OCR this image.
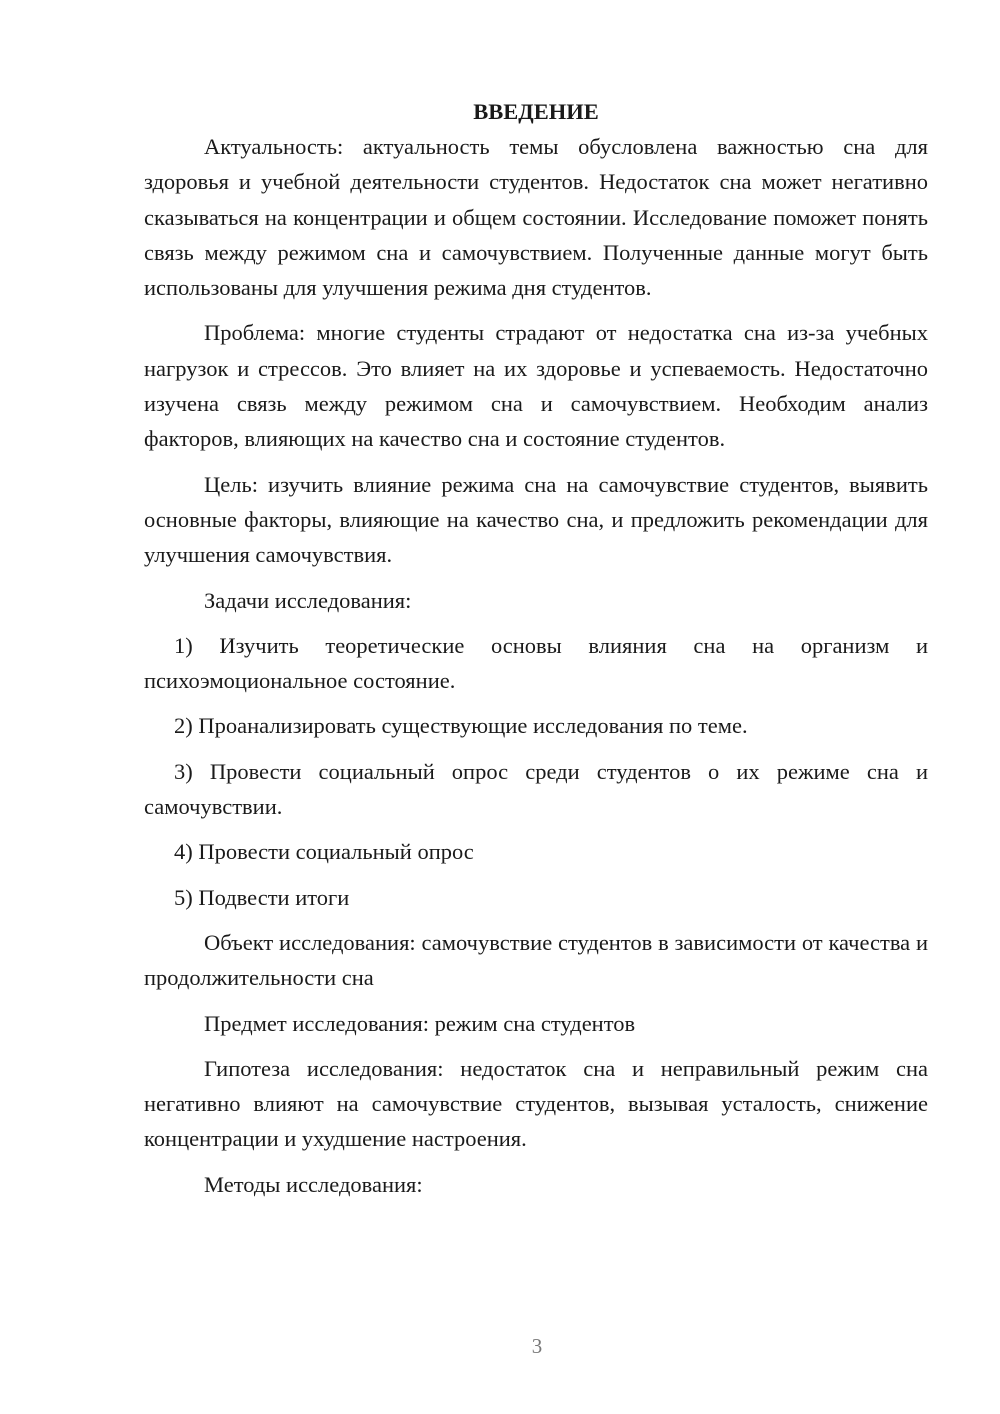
ВВЕДЕНИЕ

Актуальность: актуальность темы обусловлена важностью сна для здоровья и учебной деятельности студентов. Недостаток сна может негативно сказываться на концентрации и общем состоянии. Исследование поможет понять связь между режимом сна и самочувствием. Полученные данные могут быть использованы для улучшения режима дня студентов.

Проблема: многие студенты страдают от недостатка сна из-за учебных нагрузок и стрессов. Это влияет на их здоровье и успеваемость. Недостаточно изучена связь между режимом сна и самочувствием. Необходим анализ факторов, влияющих на качество сна и состояние студентов.

Цель: изучить влияние режима сна на самочувствие студентов, выявить основные факторы, влияющие на качество сна, и предложить рекомендации для улучшения самочувствия.

Задачи исследования:

1) Изучить теоретические основы влияния сна на организм и психоэмоциональное состояние.

2) Проанализировать существующие исследования по теме.

3) Провести социальный опрос среди студентов о их режиме сна и самочувствии.

4) Провести социальный опрос

5) Подвести итоги

Объект исследования: самочувствие студентов в зависимости от качества и продолжительности сна

Предмет исследования: режим сна студентов

Гипотеза исследования: недостаток сна и неправильный режим сна негативно влияют на самочувствие студентов, вызывая усталость, снижение концентрации и ухудшение настроения.

Методы исследования:

3
